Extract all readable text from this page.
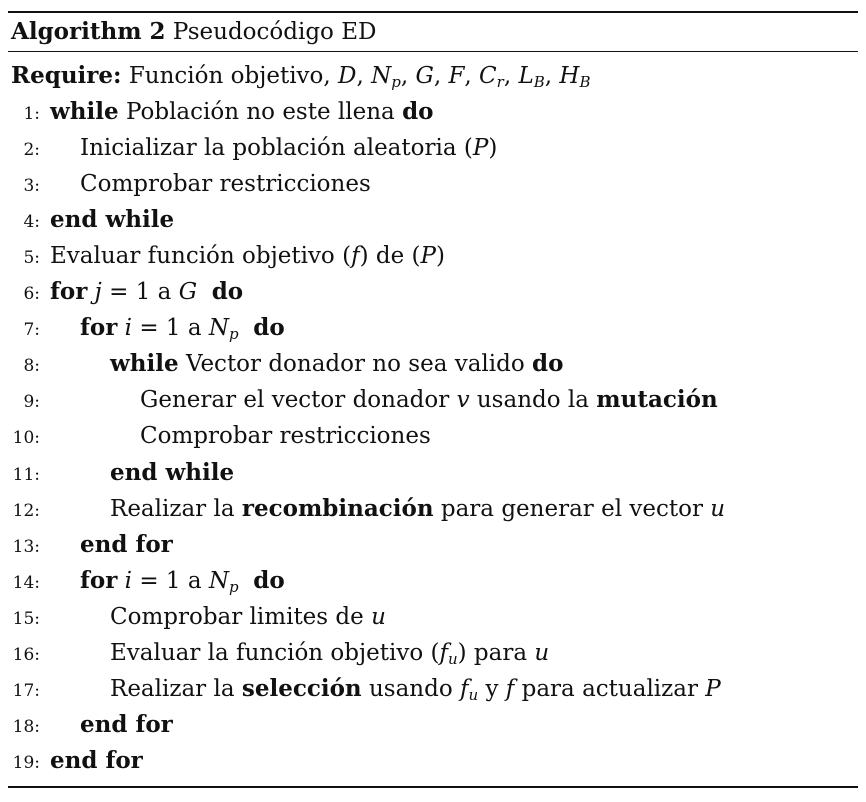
Algorithm 2 Pseudocódigo ED
Require: Función objetivo, D, $N_p$, G, F, $C_r$, $L_B$, $H_B$
1: while Población no este llena do
2: Inicializar la población aleatoria (P)
3: Comprobar restricciones
4: end while
5: Evaluar función objetivo (f) de (P)
6: for j = 1 a G do
7: for i = 1 a $N_p$ do
8:	while Vector donador no sea valido do
9:	Generar el vector donador v usando la mutación
10:	Comprobar restricciones
11:	end while
12:	Realizar la recombinación para generar el vector u
13: end for
14: for i = 1 a $N_p$ do
15:	Comprobar limites de u
16:	Evaluar la función objetivo $(f_u)$ para u
17:	Realizar la selección usando $f_u$ y f para actualizar P
18: end for
19: end for
